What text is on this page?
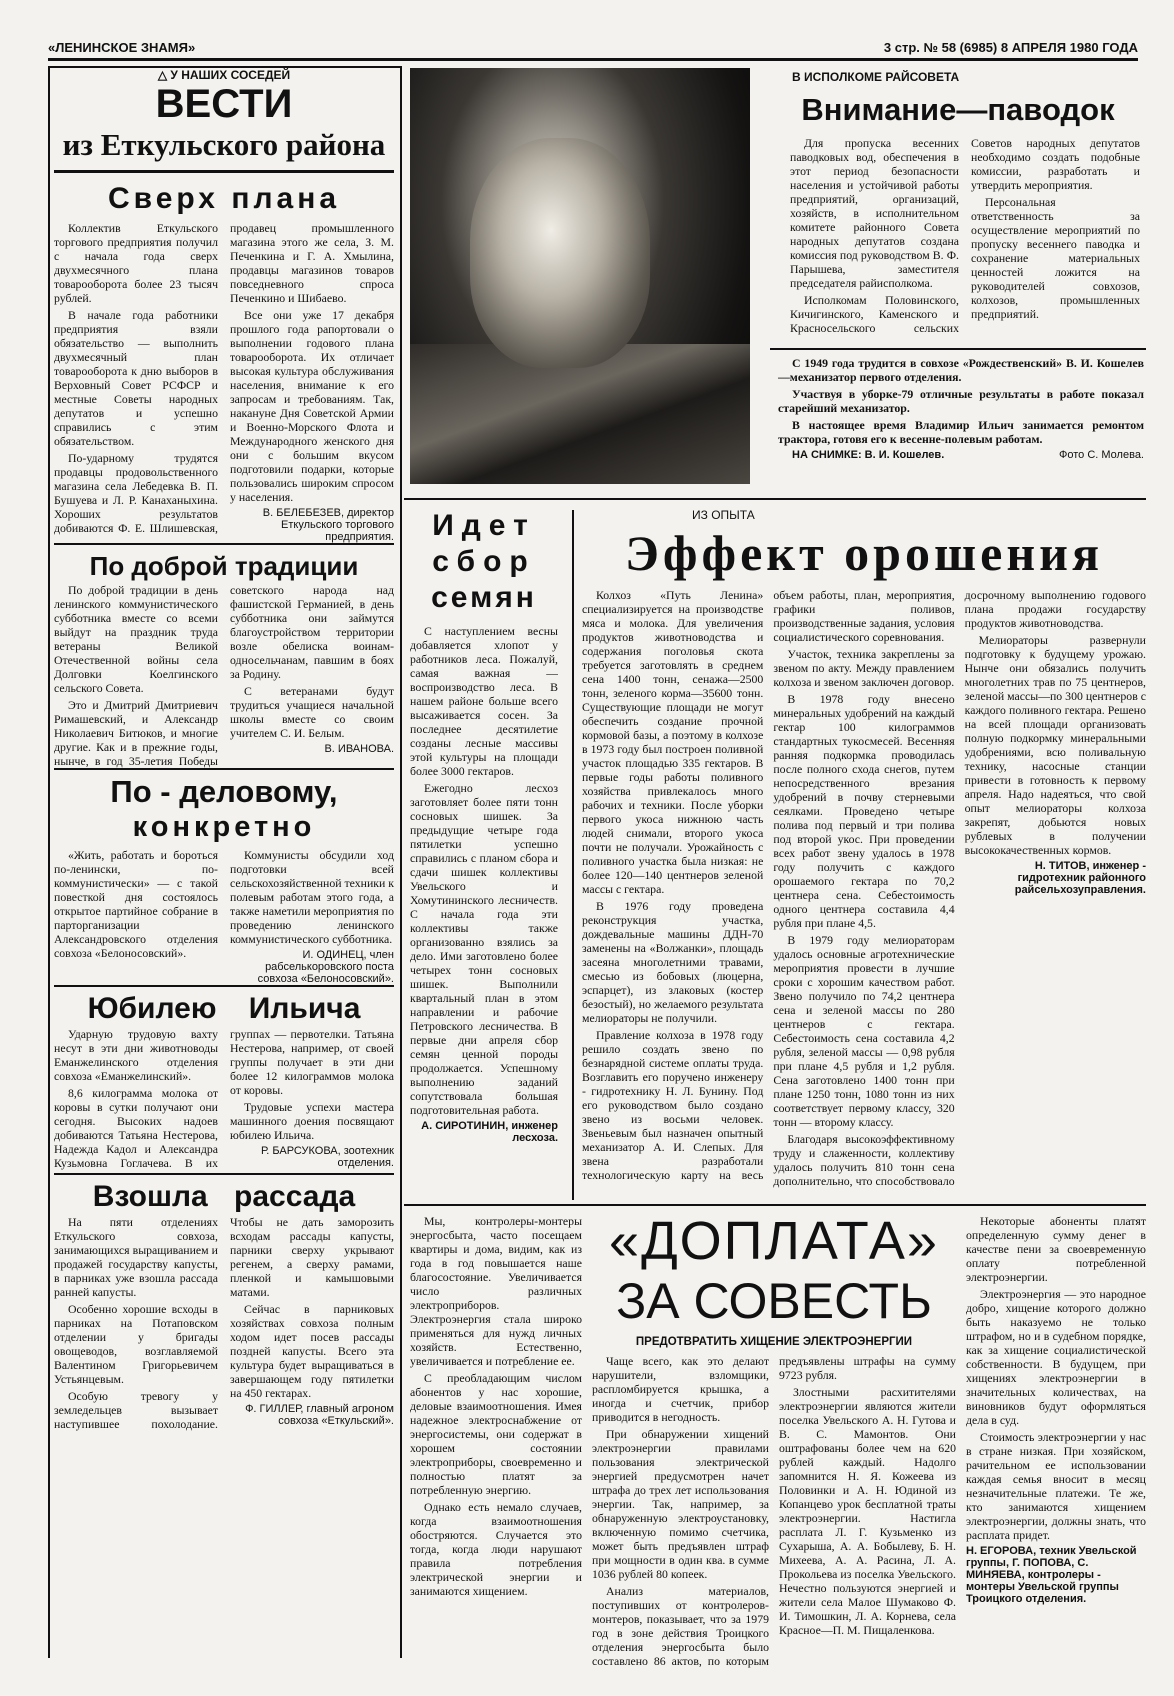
«ЛЕНИНСКОЕ ЗНАМЯ»	3 стр. № 58 (6985) 8 АПРЕЛЯ 1980 ГОДА
△ У НАШИХ СОСЕДЕЙ
ВЕСТИ
из Еткульского района
Сверх плана

Коллектив Еткульского торгового предприятия получил с начала года сверх двухмесячного плана товарооборота более 23 тысяч рублей.

В начале года работники предприятия взяли обязательство — выполнить двухмесячный план товарооборота к дню выборов в Верховный Совет РСФСР и местные Советы народных депутатов и успешно справились с этим обязательством.

По-ударному трудятся продавцы продовольственного магазина села Лебедевка В. П. Бушуева и Л. Р. Канаханыхина. Хороших результатов добиваются Ф. Е. Шлишевская, продавец промышленного магазина этого же села, З. М. Печенкина и Г. А. Хмылина, продавцы магазинов товаров повседневного спроса Печенкино и Шибаево.

Все они уже 17 декабря прошлого года рапортовали о выполнении годового плана товарооборота. Их отличает высокая культура обслуживания населения, внимание к его запросам и требованиям. Так, накануне Дня Советской Армии и Военно-Морского Флота и Международного женского дня они с большим вкусом подготовили подарки, которые пользовались широким спросом у населения.

В. БЕЛЕБЕЗЕВ, директор Еткульского торгового предприятия.

По доброй традиции

По доброй традиции в день ленинского коммунистического субботника вместе со всеми выйдут на праздник труда ветераны Великой Отечественной войны села Долговки Коелгинского сельского Совета.

Это и Дмитрий Дмитриевич Римашевский, и Александр Николаевич Битюков, и многие другие. Как и в прежние годы, нынче, в год 35-летия Победы советского народа над фашистской Германией, в день субботника они займутся благоустройством территории возле обелиска воинам-односельчанам, павшим в боях за Родину.

С ветеранами будут трудиться учащиеся начальной школы вместе со своим учителем С. И. Белым.

В. ИВАНОВА.

По - деловому,
конкретно

«Жить, работать и бороться по-ленински, по-коммунистически» — с такой повесткой дня состоялось открытое партийное собрание в парторганизации Александровского отделения совхоза «Белоносовский».

Коммунисты обсудили ход подготовки всей сельскохозяйственной техники к полевым работам этого года, а также наметили мероприятия по проведению ленинского коммунистического субботника.

И. ОДИНЕЦ, член рабселькоровского поста совхоза «Белоносовский».

Юбилею Ильича

Ударную трудовую вахту несут в эти дни животноводы Еманжелинского отделения совхоза «Еманжелинский».

8,6 килограмма молока от коровы в сутки получают они сегодня. Высоких надоев добиваются Татьяна Нестерова, Надежда Кадол и Александра Кузьмовна Гоглачева. В их группах — первотелки. Татьяна Нестерова, например, от своей группы получает в эти дни более 12 килограммов молока от коровы.

Трудовые успехи мастера машинного доения посвящают юбилею Ильича.

Р. БАРСУКОВА, зоотехник отделения.

Взошла рассада

На пяти отделениях Еткульского совхоза, занимающихся выращиванием и продажей государству капусты, в парниках уже взошла рассада ранней капусты.

Особенно хорошие всходы в парниках на Потаповском отделении у бригады овощеводов, возглавляемой Валентином Григорьевичем Устьянцевым.

Особую тревогу у земледельцев вызывает наступившее похолодание. Чтобы не дать заморозить всходам рассады капусты, парники сверху укрывают регенем, а сверху рамами, пленкой и камышовыми матами.

Сейчас в парниковых хозяйствах совхоза полным ходом идет посев рассады поздней капусты. Всего эта культура будет выращиваться в завершающем году пятилетки на 450 гектарах.

Ф. ГИЛЛЕР, главный агроном совхоза «Еткульский».

В ИСПОЛКОМЕ РАЙСОВЕТА
Внимание—паводок

Для пропуска весенних паводковых вод, обеспечения в этот период безопасности населения и устойчивой работы предприятий, организаций, хозяйств, в исполнительном комитете районного Совета народных депутатов создана комиссия под руководством В. Ф. Парышева, заместителя председателя райисполкома.

Исполкомам Половинского, Кичигинского, Каменского и Красносельского сельских Советов народных депутатов необходимо создать подобные комиссии, разработать и утвердить мероприятия.

Персональная ответственность за осуществление мероприятий по пропуску весеннего паводка и сохранение материальных ценностей ложится на руководителей совхозов, колхозов, промышленных предприятий.

С 1949 года трудится в совхозе «Рождественский» В. И. Кошелев—механизатор первого отделения.

Участвуя в уборке-79 отличные результаты в работе показал старейший механизатор.

В настоящее время Владимир Ильич занимается ремонтом трактора, готовя его к весенне-полевым работам.

НА СНИМКЕ: В. И. Кошелев.	Фото С. Молева.
Идет
сбор
семян

С наступлением весны добавляется хлопот у работников леса. Пожалуй, самая важная — воспроизводство леса. В нашем районе больше всего высаживается сосен. За последнее десятилетие созданы лесные массивы этой культуры на площади более 3000 гектаров.

Ежегодно лесхоз заготовляет более пяти тонн сосновых шишек. За предыдущие четыре года пятилетки успешно справились с планом сбора и сдачи шишек коллективы Увельского и Хомутининского лесничеств. С начала года эти коллективы также организованно взялись за дело. Ими заготовлено более четырех тонн сосновых шишек. Выполнили квартальный план в этом направлении и рабочие Петровского лесничества. В первые дни апреля сбор семян ценной породы продолжается. Успешному выполнению заданий сопутствовала большая подготовительная работа.

А. СИРОТИНИН, инженер лесхоза.

ИЗ ОПЫТА
Эффект орошения

Колхоз «Путь Ленина» специализируется на производстве мяса и молока. Для увеличения продуктов животноводства и содержания поголовья скота требуется заготовлять в среднем сена 1400 тонн, сенажа—2500 тонн, зеленого корма—35600 тонн. Существующие площади не могут обеспечить создание прочной кормовой базы, а поэтому в колхозе в 1973 году был построен поливной участок площадью 335 гектаров. В первые годы работы поливного хозяйства привлекалось много рабочих и техники. После уборки первого укоса нижнюю часть людей снимали, второго укоса почти не получали. Урожайность с поливного участка была низкая: не более 120—140 центнеров зеленой массы с гектара.

В 1976 году проведена реконструкция участка, дождевальные машины ДДН-70 заменены на «Волжанки», площадь засеяна многолетними травами, смесью из бобовых (люцерна, эспарцет), из злаковых (костер безостый), но желаемого результата мелиораторы не получили.

Правление колхоза в 1978 году решило создать звено по безнарядной системе оплаты труда. Возглавить его поручено инженеру - гидротехнику Н. Л. Бунину. Под его руководством было создано звено из восьми человек. Звеньевым был назначен опытный механизатор А. И. Слепых. Для звена разработали технологическую карту на весь объем работы, план, мероприятия, графики поливов, производственные задания, условия социалистического соревнования.

Участок, техника закреплены за звеном по акту. Между правлением колхоза и звеном заключен договор.

В 1978 году внесено минеральных удобрений на каждый гектар 100 килограммов стандартных тукосмесей. Весенняя ранняя подкормка проводилась после полного схода снегов, путем непосредственного врезания удобрений в почву стерневыми сеялками. Проведено четыре полива под первый и три полива под второй укос. При проведении всех работ звену удалось в 1978 году получить с каждого орошаемого гектара по 70,2 центнера сена. Себестоимость одного центнера составила 4,4 рубля при плане 4,5.

В 1979 году мелиораторам удалось основные агротехнические мероприятия провести в лучшие сроки с хорошим качеством работ. Звено получило по 74,2 центнера сена и зеленой массы по 280 центнеров с гектара. Себестоимость сена составила 4,2 рубля, зеленой массы — 0,98 рубля при плане 4,5 рубля и 1,2 рубля. Сена заготовлено 1400 тонн при плане 1250 тонн, 1080 тонн из них соответствует первому классу, 320 тонн — второму классу.

Благодаря высокоэффективному труду и слаженности, коллективу удалось получить 810 тонн сена дополнительно, что способствовало досрочному выполнению годового плана продажи государству продуктов животноводства.

Мелиораторы развернули подготовку к будущему урожаю. Нынче они обязались получить многолетних трав по 75 центнеров, зеленой массы—по 300 центнеров с каждого поливного гектара. Решено на всей площади организовать полную подкормку минеральными удобрениями, всю поливальную технику, насосные станции привести в готовность к первому апреля. Надо надеяться, что свой опыт мелиораторы колхоза закрепят, добьются новых рублевых в получении высококачественных кормов.

Н. ТИТОВ, инженер - гидротехник районного райсельхозуправления.

Мы, контролеры-монтеры энергосбыта, часто посещаем квартиры и дома, видим, как из года в год повышается наше благосостояние. Увеличивается число различных электроприборов. Электроэнергия стала широко применяться для нужд личных хозяйств. Естественно, увеличивается и потребление ее.

С преобладающим числом абонентов у нас хорошие, деловые взаимоотношения. Имея надежное электроснабжение от энергосистемы, они содержат в хорошем состоянии электроприборы, своевременно и полностью платят за потребленную энергию.

Однако есть немало случаев, когда взаимоотношения обостряются. Случается это тогда, когда люди нарушают правила потребления электрической энергии и занимаются хищением.

«ДОПЛАТА»
ЗА СОВЕСТЬ
ПРЕДОТВРАТИТЬ ХИЩЕНИЕ ЭЛЕКТРОЭНЕРГИИ

Чаще всего, как это делают нарушители, взломщики, распломбируется крышка, а иногда и счетчик, прибор приводится в негодность.

При обнаружении хищений электроэнергии правилами пользования электрической энергией предусмотрен начет штрафа до трех лет использования энергии. Так, например, за обнаруженную электроустановку, включенную помимо счетчика, может быть предъявлен штраф при мощности в один ква. в сумме 1036 рублей 80 копеек.

Анализ материалов, поступивших от контролеров-монтеров, показывает, что за 1979 год в зоне действия Троицкого отделения энергосбыта было составлено 86 актов, по которым предъявлены штрафы на сумму 9723 рубля.

Злостными расхитителями электроэнергии являются жители поселка Увельского А. Н. Гутова и В. С. Мамонтов. Они оштрафованы более чем на 620 рублей каждый. Надолго запомнится Н. Я. Кожеева из Половинки и А. Н. Юдиной из Копанцево урок бесплатной траты электроэнергии. Настигла расплата Л. Г. Кузьменко из Сухарыша, А. А. Бобылеву, Б. Н. Михеева, А. А. Расина, Л. А. Прокольева из поселка Увельского. Нечестно пользуются энергией и жители села Малое Шумаково Ф. И. Тимошкин, Л. А. Корнева, села Красное—П. М. Пищаленкова.

Некоторые абоненты платят определенную сумму денег в качестве пени за своевременную оплату потребленной электроэнергии.

Электроэнергия — это народное добро, хищение которого должно быть наказуемо не только штрафом, но и в судебном порядке, как за хищение социалистической собственности. В будущем, при хищениях электроэнергии в значительных количествах, на виновников будут оформляться дела в суд.

Стоимость электроэнергии у нас в стране низкая. При хозяйском, рачительном ее использовании каждая семья вносит в месяц незначительные платежи. Те же, кто занимаются хищением электроэнергии, должны знать, что расплата придет.

Н. ЕГОРОВА, техник Увельской группы, Г. ПОПОВА, С. МИНЯЕВА, контролеры - монтеры Увельской группы Троицкого отделения.
